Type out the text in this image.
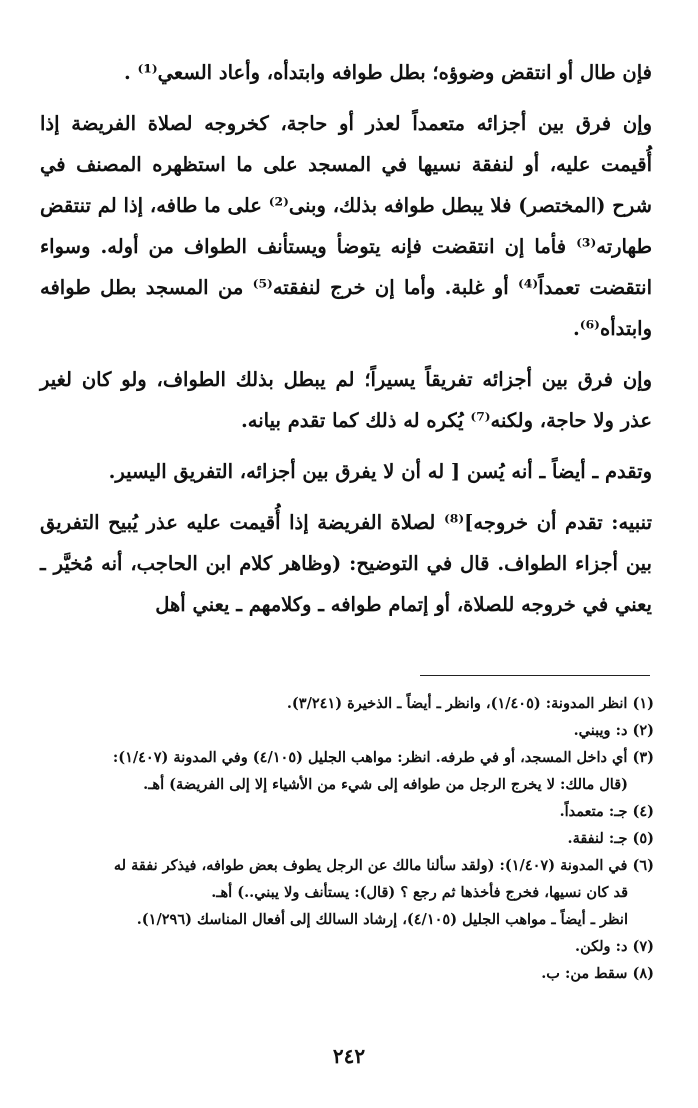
فإن طال أو انتقض وضوؤه؛ بطل طوافه وابتدأه، وأعاد السعي⁽¹⁾ .

وإن فرق بين أجزائه متعمداً لعذر أو حاجة، كخروجه لصلاة الفريضة إذا أُقيمت عليه، أو لنفقة نسيها في المسجد على ما استظهره المصنف في شرح (المختصر) فلا يبطل طوافه بذلك، وبنى⁽²⁾ على ما طافه، إذا لم تنتقض طهارته⁽³⁾ فأما إن انتقضت فإنه يتوضأ ويستأنف الطواف من أوله. وسواء انتقضت تعمداً⁽⁴⁾ أو غلبة. وأما إن خرج لنفقته⁽⁵⁾ من المسجد بطل طوافه وابتدأه⁽⁶⁾.

وإن فرق بين أجزائه تفريقاً يسيراً؛ لم يبطل بذلك الطواف، ولو كان لغير عذر ولا حاجة، ولكنه⁽⁷⁾ يُكره له ذلك كما تقدم بيانه.

وتقدم ـ أيضاً ـ أنه يُسن [ له أن لا يفرق بين أجزائه، التفريق اليسير.

تنبيه: تقدم أن خروجه]⁽⁸⁾ لصلاة الفريضة إذا أُقيمت عليه عذر يُبيح التفريق بين أجزاء الطواف. قال في التوضيح: (وظاهر كلام ابن الحاجب، أنه مُخيَّر ـ يعني في خروجه للصلاة، أو إتمام طوافه ـ وكلامهم ـ يعني أهل

(١) انظر المدونة: (١/٤٠٥)، وانظر ـ أيضاً ـ الذخيرة (٣/٢٤١).

(٢) د: ويبني.

(٣) أي داخل المسجد، أو في طرفه. انظر: مواهب الجليل (٤/١٠٥) وفي المدونة (١/٤٠٧):

(قال مالك: لا يخرج الرجل من طوافه إلى شيء من الأشياء إلا إلى الفريضة) أهـ.

(٤) جـ: متعمداً.

(٥) جـ: لنفقة.

(٦) في المدونة (١/٤٠٧): (ولقد سألنا مالك عن الرجل يطوف بعض طوافه، فيذكر نفقة له

قد كان نسيها، فخرج فأخذها ثم رجع ؟ (قال): يستأنف ولا يبني..) أهـ.

انظر ـ أيضاً ـ مواهب الجليل (٤/١٠٥)، إرشاد السالك إلى أفعال المناسك (١/٢٩٦).

(٧) د: ولكن.

(٨) سقط من: ب.

٢٤٢
